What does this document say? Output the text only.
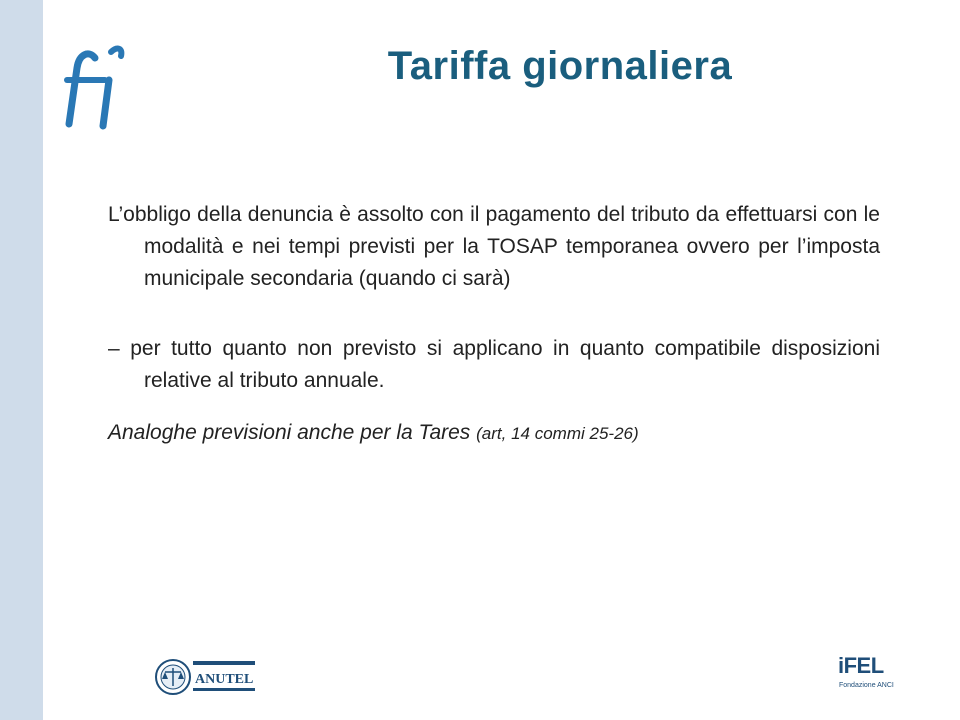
Tariffa giornaliera

L’obbligo della denuncia è assolto con il pagamento del tributo da effettuarsi con le modalità e nei tempi previsti per la TOSAP temporanea ovvero per l’imposta municipale secondaria (quando ci sarà)

– per tutto quanto non previsto si applicano in quanto compatibile disposizioni relative al tributo annuale.

Analoghe previsioni anche per la Tares (art, 14 commi 25-26)

ANUTEL
iFEL
Fondazione ANCI
